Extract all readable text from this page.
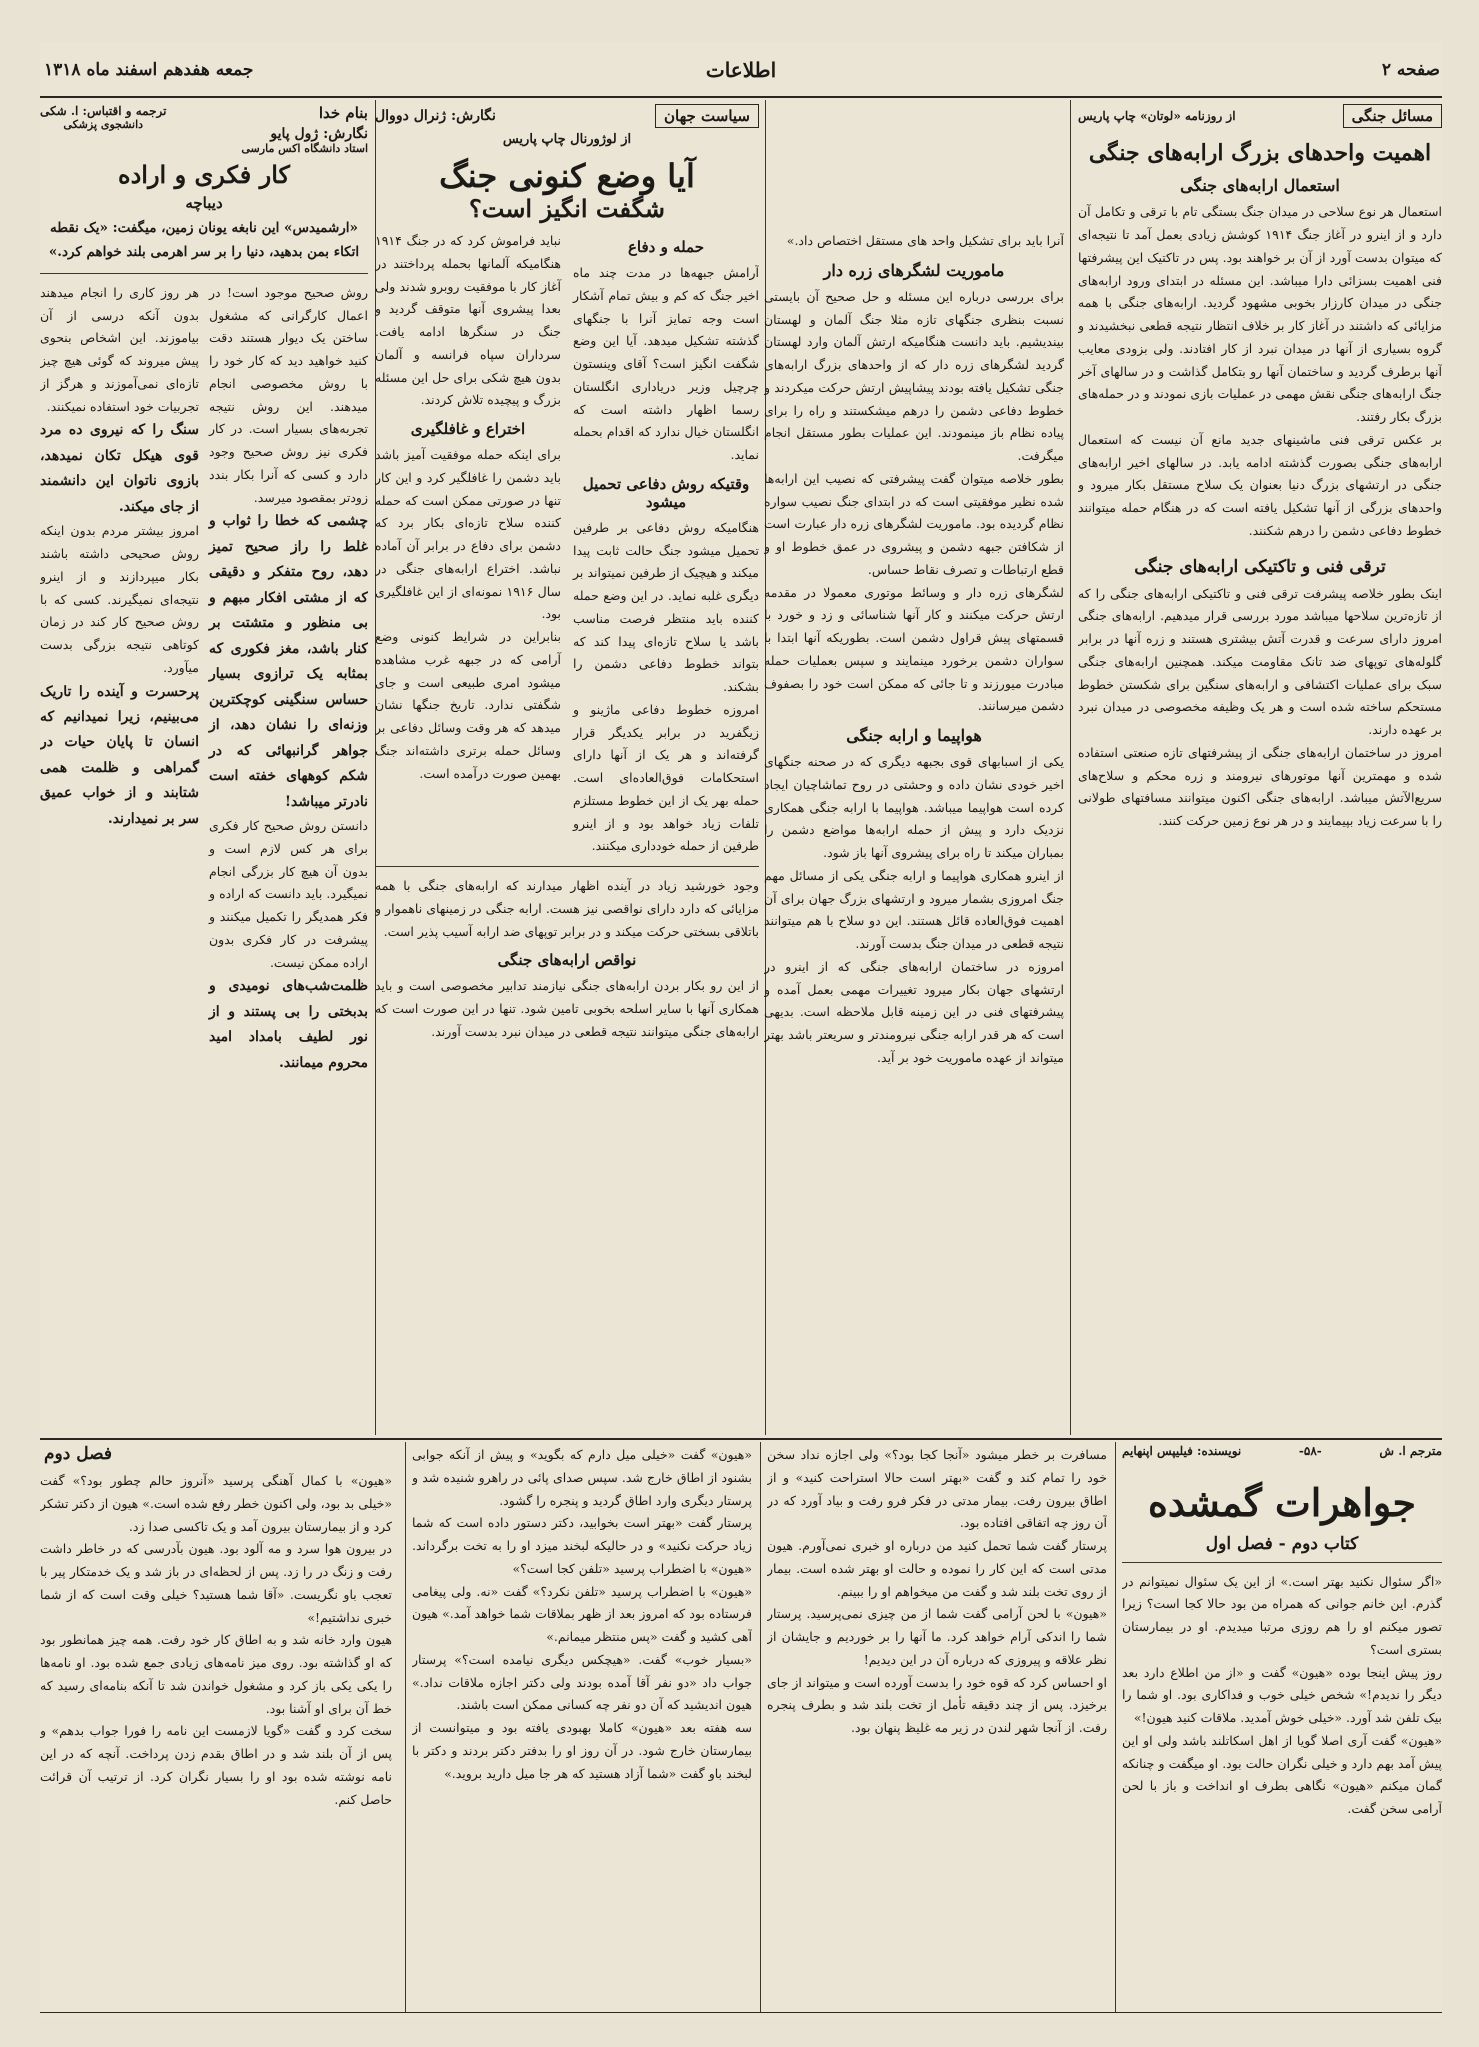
صفحه ۲
اطلاعات
جمعه هفدهم اسفند ماه ۱۳۱۸
مسائل جنگی
از روزنامه «لوتان» چاپ پاریس
اهمیت واحدهای بزرگ ارابه‌های جنگی
استعمال ارابه‌های جنگی

استعمال هر نوع سلاحی در میدان جنگ بستگی تام با ترقی و تکامل آن دارد و از اینرو در آغاز جنگ ۱۹۱۴ کوشش زیادی بعمل آمد تا نتیجه‌ای که میتوان بدست آورد از آن بر خواهند بود. پس در تاکتیک این پیشرفتها فنی اهمیت بسزائی دارا میباشد. این مسئله در ابتدای ورود ارابه‌های جنگی در میدان کارزار بخوبی مشهود گردید. ارابه‌های جنگی با همه مزایائی که داشتند در آغاز کار بر خلاف انتظار نتیجه قطعی نبخشیدند و گروه بسیاری از آنها در میدان نبرد از کار افتادند. ولی بزودی معایب آنها برطرف گردید و ساختمان آنها رو بتکامل گذاشت و در سالهای آخر جنگ ارابه‌های جنگی نقش مهمی در عملیات بازی نمودند و در حمله‌های بزرگ بکار رفتند.

بر عکس ترقی فنی ماشینهای جدید مانع آن نیست که استعمال ارابه‌های جنگی بصورت گذشته ادامه یابد. در سالهای اخیر ارابه‌های جنگی در ارتشهای بزرگ دنیا بعنوان یک سلاح مستقل بکار میرود و واحدهای بزرگی از آنها تشکیل یافته است که در هنگام حمله میتوانند خطوط دفاعی دشمن را درهم شکنند.

ترقی فنی و تاکتیکی ارابه‌های جنگی

اینک بطور خلاصه پیشرفت ترقی فنی و تاکتیکی ارابه‌های جنگی را که از تازه‌ترین سلاحها میباشد مورد بررسی قرار میدهیم. ارابه‌های جنگی امروز دارای سرعت و قدرت آتش بیشتری هستند و زره آنها در برابر گلوله‌های توپهای ضد تانک مقاومت میکند. همچنین ارابه‌های جنگی سبک برای عملیات اکتشافی و ارابه‌های سنگین برای شکستن خطوط مستحکم ساخته شده است و هر یک وظیفه مخصوصی در میدان نبرد بر عهده دارند.

امروز در ساختمان ارابه‌های جنگی از پیشرفتهای تازه صنعتی استفاده شده و مهمترین آنها موتورهای نیرومند و زره محکم و سلاح‌های سریع‌الآتش میباشد. ارابه‌های جنگی اکنون میتوانند مسافتهای طولانی را با سرعت زیاد بپیمایند و در هر نوع زمین حرکت کنند.

آنرا باید برای تشکیل واحد های مستقل اختصاص داد.»

ماموریت لشگرهای زره دار

برای بررسی درباره این مسئله و حل صحیح آن بایستی نسبت بنظری جنگهای تازه مثلا جنگ آلمان و لهستان بیندیشیم. باید دانست هنگامیکه ارتش آلمان وارد لهستان گردید لشگرهای زره دار که از واحدهای بزرگ ارابه‌های جنگی تشکیل یافته بودند پیشاپیش ارتش حرکت میکردند و خطوط دفاعی دشمن را درهم میشکستند و راه را برای پیاده نظام باز مینمودند. این عملیات بطور مستقل انجام میگرفت.

بطور خلاصه میتوان گفت پیشرفتی که نصیب این ارابه‌ها شده نظیر موفقیتی است که در ابتدای جنگ نصیب سواره نظام گردیده بود. ماموریت لشگرهای زره دار عبارت است از شکافتن جبهه دشمن و پیشروی در عمق خطوط او و قطع ارتباطات و تصرف نقاط حساس.

لشگرهای زره دار و وسائط موتوری معمولا در مقدمه ارتش حرکت میکنند و کار آنها شناسائی و زد و خورد با قسمتهای پیش قراول دشمن است. بطوریکه آنها ابتدا با سواران دشمن برخورد مینمایند و سپس بعملیات حمله مبادرت میورزند و تا جائی که ممکن است خود را بصفوف دشمن میرسانند.

هواپیما و ارابه جنگی

یکی از اسبابهای قوی بجبهه دیگری که در صحنه جنگهای اخیر خودی نشان داده و وحشتی در روح تماشاچیان ایجاد کرده است هواپیما میباشد. هواپیما با ارابه جنگی همکاری نزدیک دارد و پیش از حمله ارابه‌ها مواضع دشمن را بمباران میکند تا راه برای پیشروی آنها باز شود.

از اینرو همکاری هواپیما و ارابه جنگی یکی از مسائل مهم جنگ امروزی بشمار میرود و ارتشهای بزرگ جهان برای آن اهمیت فوق‌العاده قائل هستند. این دو سلاح با هم میتوانند نتیجه قطعی در میدان جنگ بدست آورند.

امروزه در ساختمان ارابه‌های جنگی که از اینرو در ارتشهای جهان بکار میرود تغییرات مهمی بعمل آمده و پیشرفتهای فنی در این زمینه قابل ملاحظه است. بدیهی است که هر قدر ارابه جنگی نیرومندتر و سریعتر باشد بهتر میتواند از عهده ماموریت خود بر آید.

سیاست جهان
نگارش: ژنرال دووال
از لوژورنال چاپ پاریس
آیا وضع کنونی جنگ
شگفت انگیز است؟
حمله و دفاع

آرامش جبهه‌ها در مدت چند ماه اخیر جنگ که کم و بیش تمام آشکار است وجه تمایز آنرا با جنگهای گذشته تشکیل میدهد. آیا این وضع شگفت انگیز است؟ آقای وینستون چرچیل وزیر دریاداری انگلستان رسما اظهار داشته است که انگلستان خیال ندارد که اقدام بحمله نماید.

وقتیکه روش دفاعی تحمیل میشود

هنگامیکه روش دفاعی بر طرفین تحمیل میشود جنگ حالت ثابت پیدا میکند و هیچیک از طرفین نمیتواند بر دیگری غلبه نماید. در این وضع حمله کننده باید منتظر فرصت مناسب باشد یا سلاح تازه‌ای پیدا کند که بتواند خطوط دفاعی دشمن را بشکند.

امروزه خطوط دفاعی ماژینو و زیگفرید در برابر یکدیگر قرار گرفته‌اند و هر یک از آنها دارای استحکامات فوق‌العاده‌ای است. حمله بهر یک از این خطوط مستلزم تلفات زیاد خواهد بود و از اینرو طرفین از حمله خودداری میکنند.

نباید فراموش کرد که در جنگ ۱۹۱۴ هنگامیکه آلمانها بحمله پرداختند در آغاز کار با موفقیت روبرو شدند ولی بعدا پیشروی آنها متوقف گردید و جنگ در سنگرها ادامه یافت. سرداران سپاه فرانسه و آلمان بدون هیچ شکی برای حل این مسئله بزرگ و پیچیده تلاش کردند.

اختراع و غافلگیری

برای اینکه حمله موفقیت آمیز باشد باید دشمن را غافلگیر کرد و این کار تنها در صورتی ممکن است که حمله کننده سلاح تازه‌ای بکار برد که دشمن برای دفاع در برابر آن آماده نباشد. اختراع ارابه‌های جنگی در سال ۱۹۱۶ نمونه‌ای از این غافلگیری بود.

بنابراین در شرایط کنونی وضع آرامی که در جبهه غرب مشاهده میشود امری طبیعی است و جای شگفتی ندارد. تاریخ جنگها نشان میدهد که هر وقت وسائل دفاعی بر وسائل حمله برتری داشته‌اند جنگ بهمین صورت درآمده است.

وجود خورشید زیاد در آینده اظهار میدارند که ارابه‌های جنگی با همه مزایائی که دارد دارای نواقصی نیز هست. ارابه جنگی در زمینهای ناهموار و باتلاقی بسختی حرکت میکند و در برابر توپهای ضد ارابه آسیب پذیر است.

نواقص ارابه‌های جنگی

از این رو بکار بردن ارابه‌های جنگی نیازمند تدابیر مخصوصی است و باید همکاری آنها با سایر اسلحه بخوبی تامین شود. تنها در این صورت است که ارابه‌های جنگی میتوانند نتیجه قطعی در میدان نبرد بدست آورند.

بنام خدا
نگارش: ژول پایو
استاد دانشگاه اکس مارسی
ترجمه و اقتباس: ا. شکی
دانشجوی پزشکی
کار فکری و اراده
دیباچه

«ارشمیدس» این نابغه یونان زمین، میگفت: «یک نقطه اتکاء بمن بدهید، دنیا را بر سر اهرمی بلند خواهم کرد.»

روش صحیح موجود است! در اعمال کارگرانی که مشغول ساختن یک دیوار هستند دقت کنید خواهید دید که کار خود را با روش مخصوصی انجام میدهند. این روش نتیجه تجربه‌های بسیار است. در کار فکری نیز روش صحیح وجود دارد و کسی که آنرا بکار بندد زودتر بمقصود میرسد.

چشمی که خطا را ثواب و غلط را راز صحیح تمیز دهد، روح متفکر و دقیقی که از مشتی افکار مبهم و بی منظور و متشتت بر کنار باشد، مغز فکوری که بمثابه یک ترازوی بسیار حساس سنگینی کوچکترین وزنه‌ای را نشان دهد، از جواهر گرانبهائی که در شکم کوههای خفته است نادرتر میباشد!

دانستن روش صحیح کار فکری برای هر کس لازم است و بدون آن هیچ کار بزرگی انجام نمیگیرد. باید دانست که اراده و فکر همدیگر را تکمیل میکنند و پیشرفت در کار فکری بدون اراده ممکن نیست.

ظلمت‌شب‌های نومیدی و بدبختی را بی پستند و از نور لطیف بامداد امید محروم میمانند.

هر روز کاری را انجام میدهند بدون آنکه درسی از آن بیاموزند. این اشخاص بنحوی پیش میروند که گوئی هیچ چیز تازه‌ای نمی‌آموزند و هرگز از تجربیات خود استفاده نمیکنند.

سنگ را که نیروی ده مرد قوی هیکل تکان نمیدهد، بازوی ناتوان این دانشمند از جای میکند.

امروز بیشتر مردم بدون اینکه روش صحیحی داشته باشند بکار میپردازند و از اینرو نتیجه‌ای نمیگیرند. کسی که با روش صحیح کار کند در زمان کوتاهی نتیجه بزرگی بدست میآورد.

پرحسرت و آینده را تاریک می‌بینیم، زیرا نمیدانیم که انسان تا پایان حیات در گمراهی و ظلمت همی شتابند و از خواب عمیق سر بر نمیدارند.

مترجم ا. ش
-۵۸-
نویسنده: فیلیپس اپنهایم
جواهرات گمشده
کتاب دوم - فصل اول

«اگر سئوال نکنید بهتر است.» از این یک سئوال نمیتوانم در گذرم. این خانم جوانی که همراه من بود حالا کجا است؟ زیرا تصور میکنم او را هم روزی مرتبا میدیدم. او در بیمارستان بستری است؟

روز پیش اینجا بوده «هیون» گفت و «از من اطلاع دارد بعد دیگر را ندیدم!» شخص خیلی خوب و فداکاری بود. او شما را بیک تلفن شد آورد. «خیلی خوش آمدید. ملاقات کنید هیون!»

«هیون» گفت آری اصلا گویا از اهل اسکاتلند باشد ولی او این پیش آمد بهم دارد و خیلی نگران حالت بود. او میگفت و چنانکه گمان میکنم «هیون» نگاهی بطرف او انداخت و باز با لحن آرامی سخن گفت.

مسافرت بر خطر میشود «آنجا کجا بود؟» ولی اجازه نداد سخن خود را تمام کند و گفت «بهتر است حالا استراحت کنید» و از اطاق بیرون رفت. بیمار مدتی در فکر فرو رفت و بیاد آورد که در آن روز چه اتفاقی افتاده بود.

پرستار گفت شما تحمل کنید من درباره او خبری نمی‌آورم. هیون مدتی است که این کار را نموده و حالت او بهتر شده است. بیمار از روی تخت بلند شد و گفت من میخواهم او را ببینم.

«هیون» با لحن آرامی گفت شما از من چیزی نمی‌پرسید. پرستار شما را اندکی آرام خواهد کرد. ما آنها را بر خوردیم و جایشان از نظر علاقه و پیروزی که درباره آن در این دیدیم!

او احساس کرد که قوه خود را بدست آورده است و میتواند از جای برخیزد. پس از چند دقیقه تأمل از تخت بلند شد و بطرف پنجره رفت. از آنجا شهر لندن در زیر مه غلیظ پنهان بود.

«هیون» گفت «خیلی میل دارم که بگوید» و پیش از آنکه جوابی بشنود از اطاق خارج شد. سپس صدای پائی در راهرو شنیده شد و پرستار دیگری وارد اطاق گردید و پنجره را گشود.

پرستار گفت «بهتر است بخوابید، دکتر دستور داده است که شما زیاد حرکت نکنید» و در حالیکه لبخند میزد او را به تخت برگرداند. «هیون» با اضطراب پرسید «تلفن کجا است؟»

«هیون» با اضطراب پرسید «تلفن نکرد؟» گفت «نه. ولی پیغامی فرستاده بود که امروز بعد از ظهر بملاقات شما خواهد آمد.» هیون آهی کشید و گفت «پس منتظر میمانم.»

«بسیار خوب» گفت. «هیچکس دیگری نیامده است؟» پرستار جواب داد «دو نفر آقا آمده بودند ولی دکتر اجازه ملاقات نداد.» هیون اندیشید که آن دو نفر چه کسانی ممکن است باشند.

سه هفته بعد «هیون» کاملا بهبودی یافته بود و میتوانست از بیمارستان خارج شود. در آن روز او را بدفتر دکتر بردند و دکتر با لبخند باو گفت «شما آزاد هستید که هر جا میل دارید بروید.»

فصل دوم

«هیون» با کمال آهنگی پرسید «آنروز حالم چطور بود؟» گفت «خیلی بد بود، ولی اکنون خطر رفع شده است.» هیون از دکتر تشکر کرد و از بیمارستان بیرون آمد و یک تاکسی صدا زد.

در بیرون هوا سرد و مه آلود بود. هیون بآدرسی که در خاطر داشت رفت و زنگ در را زد. پس از لحظه‌ای در باز شد و یک خدمتکار پیر با تعجب باو نگریست. «آقا شما هستید؟ خیلی وقت است که از شما خبری نداشتیم!»

هیون وارد خانه شد و به اطاق کار خود رفت. همه چیز همانطور بود که او گذاشته بود. روی میز نامه‌های زیادی جمع شده بود. او نامه‌ها را یکی یکی باز کرد و مشغول خواندن شد تا آنکه بنامه‌ای رسید که خط آن برای او آشنا بود.

سخت کرد و گفت «گویا لازمست این نامه را فورا جواب بدهم» و پس از آن بلند شد و در اطاق بقدم زدن پرداخت. آنچه که در این نامه نوشته شده بود او را بسیار نگران کرد. از ترتیب آن قرائت حاصل کنم.
